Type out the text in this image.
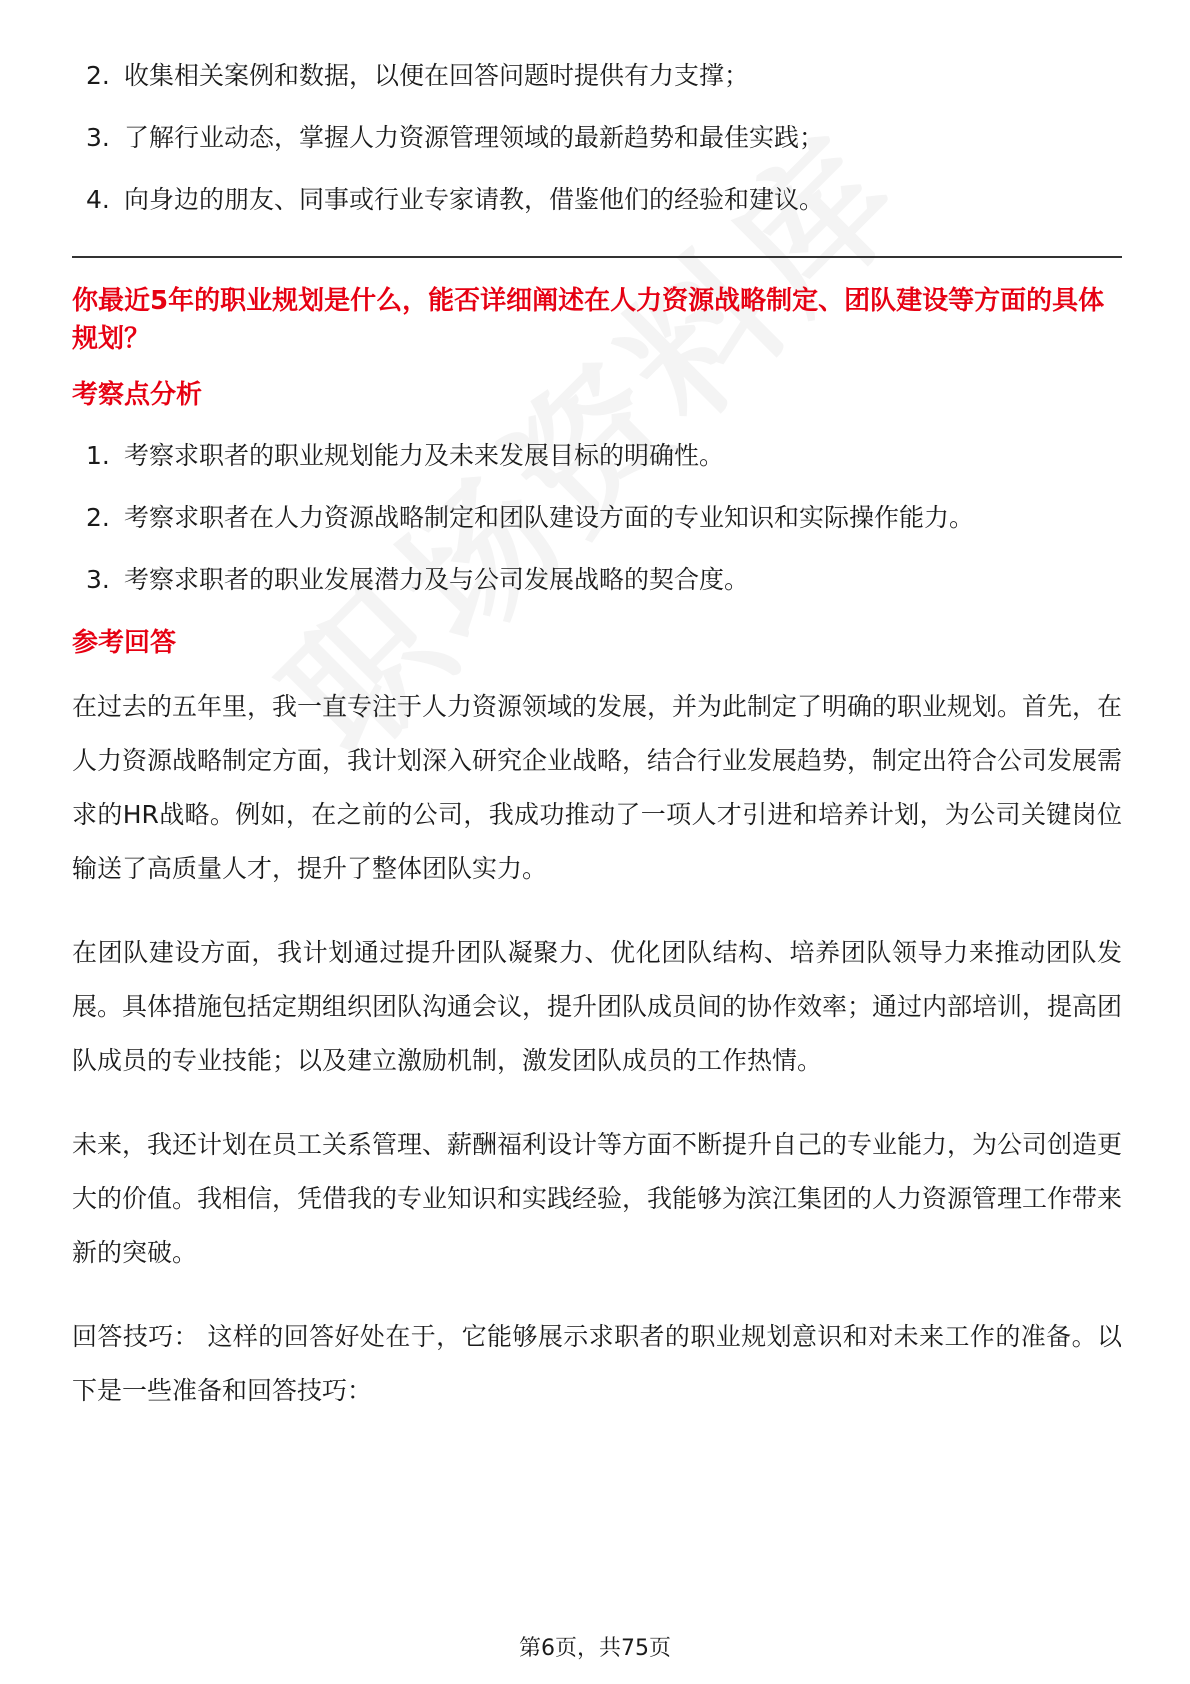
2. 收集相关案例和数据，以便在回答问题时提供有力支撑；
3. 了解行业动态，掌握人力资源管理领域的最新趋势和最佳实践；
4. 向身边的朋友、同事或行业专家请教，借鉴他们的经验和建议。
你最近5年的职业规划是什么，能否详细阐述在人力资源战略制定、团队建设等方面的具体规划？
考察点分析
1. 考察求职者的职业规划能力及未来发展目标的明确性。
2. 考察求职者在人力资源战略制定和团队建设方面的专业知识和实际操作能力。
3. 考察求职者的职业发展潜力及与公司发展战略的契合度。
参考回答

在过去的五年里，我一直专注于人力资源领域的发展，并为此制定了明确的职业规划。首先，在人力资源战略制定方面，我计划深入研究企业战略，结合行业发展趋势，制定出符合公司发展需求的HR战略。例如，在之前的公司，我成功推动了一项人才引进和培养计划，为公司关键岗位输送了高质量人才，提升了整体团队实力。

在团队建设方面，我计划通过提升团队凝聚力、优化团队结构、培养团队领导力来推动团队发展。具体措施包括定期组织团队沟通会议，提升团队成员间的协作效率；通过内部培训，提高团队成员的专业技能；以及建立激励机制，激发团队成员的工作热情。

未来，我还计划在员工关系管理、薪酬福利设计等方面不断提升自己的专业能力，为公司创造更大的价值。我相信，凭借我的专业知识和实践经验，我能够为滨江集团的人力资源管理工作带来新的突破。

回答技巧： 这样的回答好处在于，它能够展示求职者的职业规划意识和对未来工作的准备。以下是一些准备和回答技巧：

第6页，共75页
